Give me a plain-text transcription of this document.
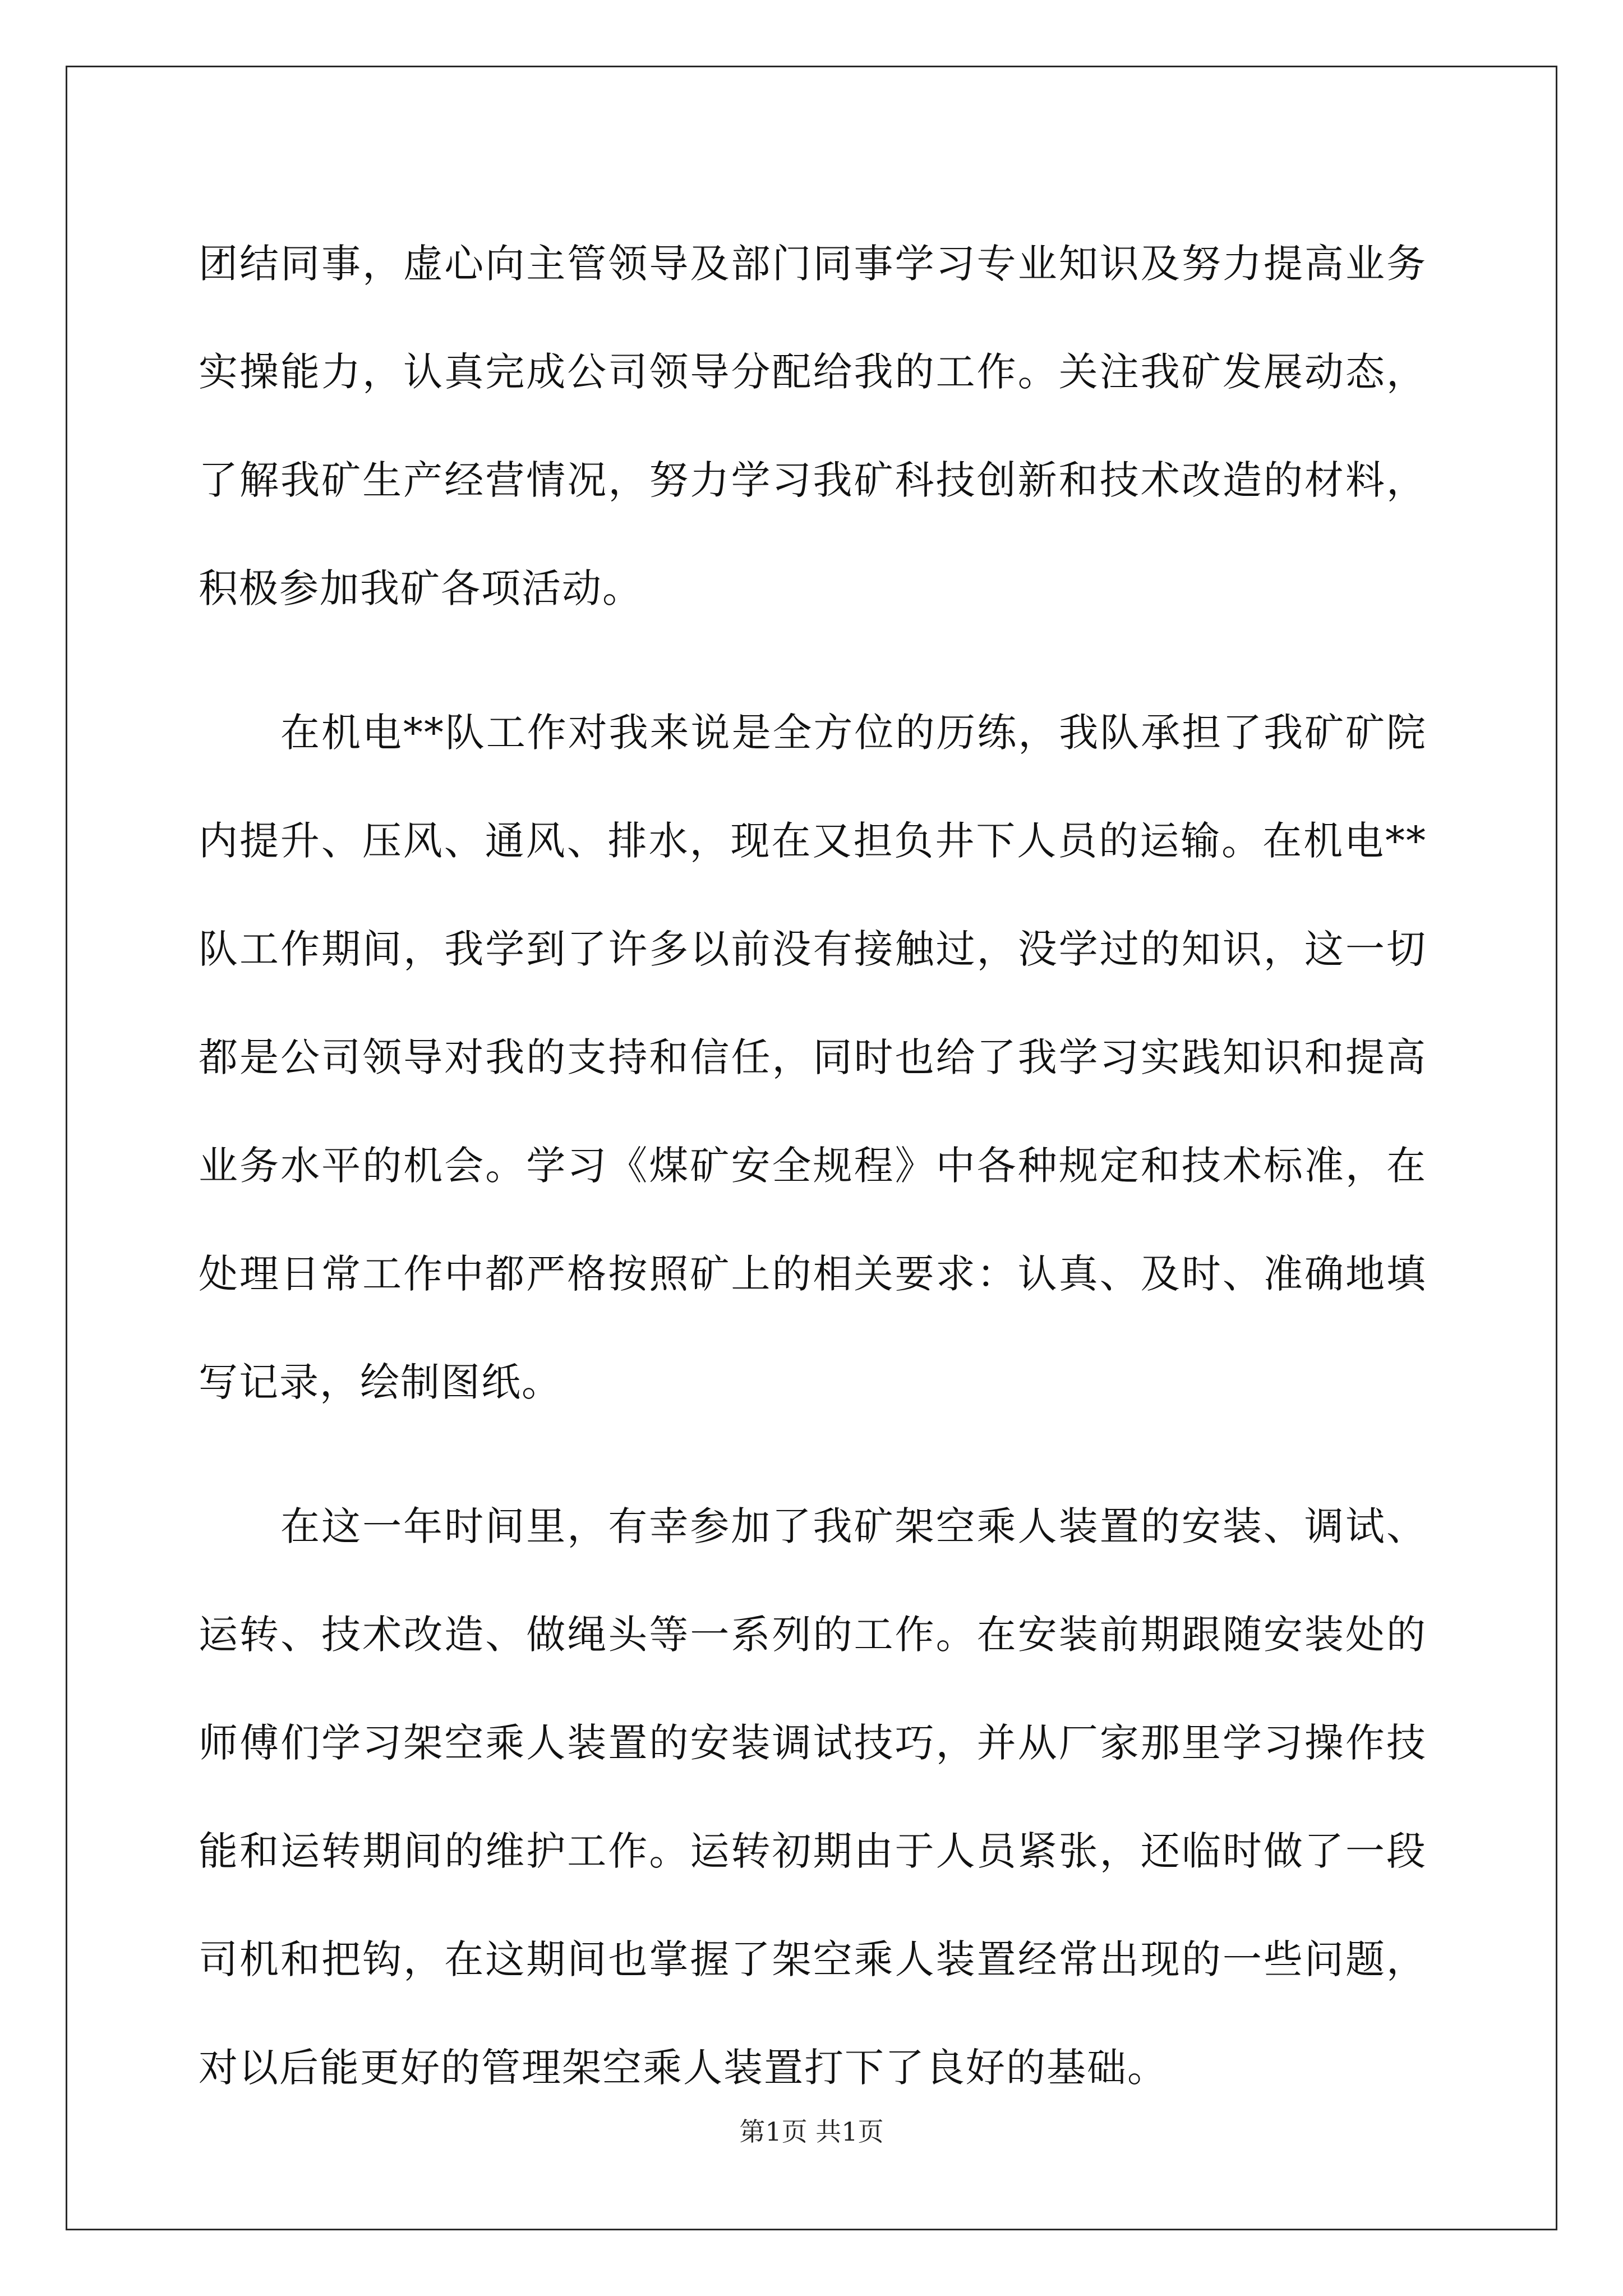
团结同事，虚心向主管领导及部门同事学习专业知识及努力提高业务实操能力，认真完成公司领导分配给我的工作。关注我矿发展动态，了解我矿生产经营情况，努力学习我矿科技创新和技术改造的材料，积极参加我矿各项活动。

在机电**队工作对我来说是全方位的历练，我队承担了我矿矿院内提升、压风、通风、排水，现在又担负井下人员的运输。在机电**队工作期间，我学到了许多以前没有接触过，没学过的知识，这一切都是公司领导对我的支持和信任，同时也给了我学习实践知识和提高业务水平的机会。学习《煤矿安全规程》中各种规定和技术标准，在处理日常工作中都严格按照矿上的相关要求：认真、及时、准确地填写记录，绘制图纸。

在这一年时间里，有幸参加了我矿架空乘人装置的安装、调试、运转、技术改造、做绳头等一系列的工作。在安装前期跟随安装处的师傅们学习架空乘人装置的安装调试技巧，并从厂家那里学习操作技能和运转期间的维护工作。运转初期由于人员紧张，还临时做了一段司机和把钩，在这期间也掌握了架空乘人装置经常出现的一些问题，对以后能更好的管理架空乘人装置打下了良好的基础。

第1页 共1页
